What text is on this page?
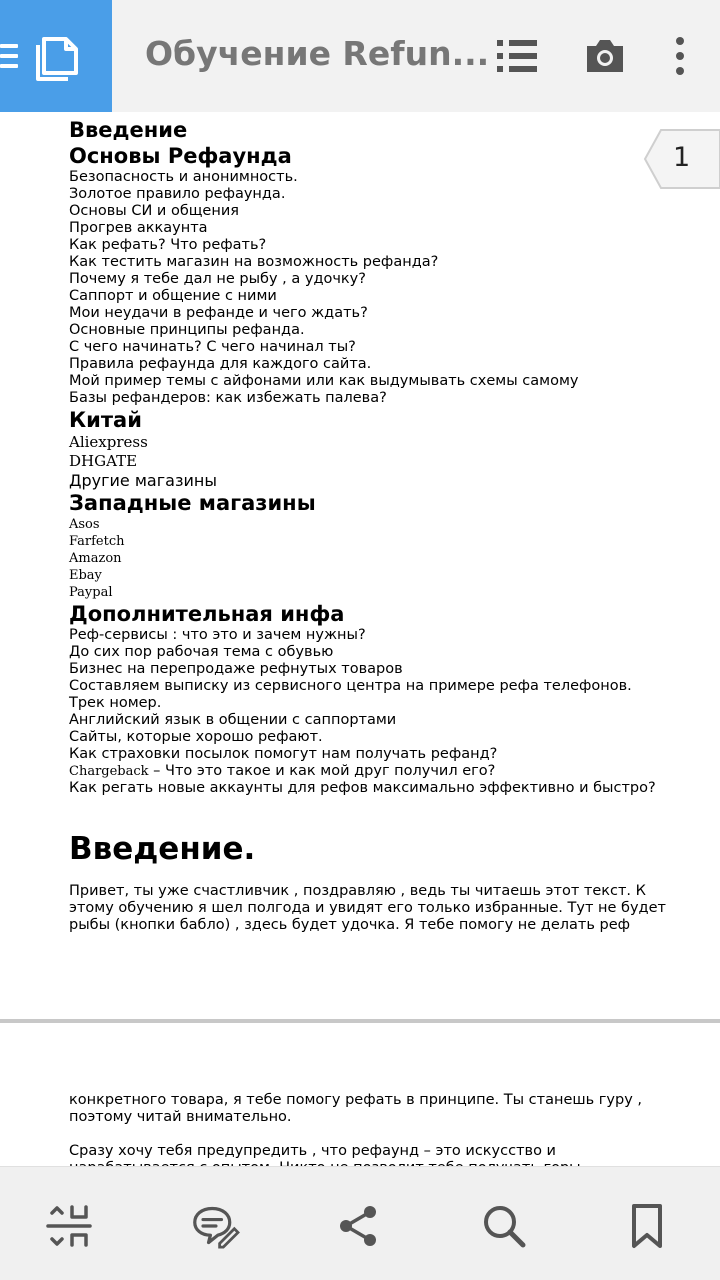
Обучение Refun...
1
Введение
Основы Рефаунда
Безопасность и анонимность.
Золотое правило рефаунда.
Основы СИ и общения
Прогрев аккаунта
Как рефать? Что рефать?
Как тестить магазин на возможность рефанда?
Почему я тебе дал не рыбу , а удочку?
Саппорт и общение с ними
Мои неудачи в рефанде и чего ждать?
Основные принципы рефанда.
С чего начинать? С чего начинал ты?
Правила рефаунда для каждого сайта.
Мой пример темы с айфонами или как выдумывать схемы самому
Базы рефандеров: как избежать палева?
Китай
Aliexpress
DHGATE
Другие магазины
Западные магазины
Asos
Farfetch
Amazon
Ebay
Paypal
Дополнительная инфа
Реф-сервисы : что это и зачем нужны?
До сих пор рабочая тема с обувью
Бизнес на перепродаже рефнутых товаров
Составляем выписку из сервисного центра на примере рефа телефонов.
Трек номер.
Английский язык в общении с саппортами
Сайты, которые хорошо рефают.
Как страховки посылок помогут нам получать рефанд?
Chargeback – Что это такое и как мой друг получил его?
Как регать новые аккаунты для рефов максимально эффективно и быстро?
Введение.
Привет, ты уже счастливчик , поздравляю , ведь ты читаешь этот текст. К этому обучению я шел полгода и увидят его только избранные. Тут не будет рыбы (кнопки бабло) , здесь будет удочка. Я тебе помогу не делать реф
конкретного товара, я тебе помогу рефать в принципе. Ты станешь гуру , поэтому читай внимательно.
Сразу хочу тебя предупредить , что рефаунд – это искусство и
